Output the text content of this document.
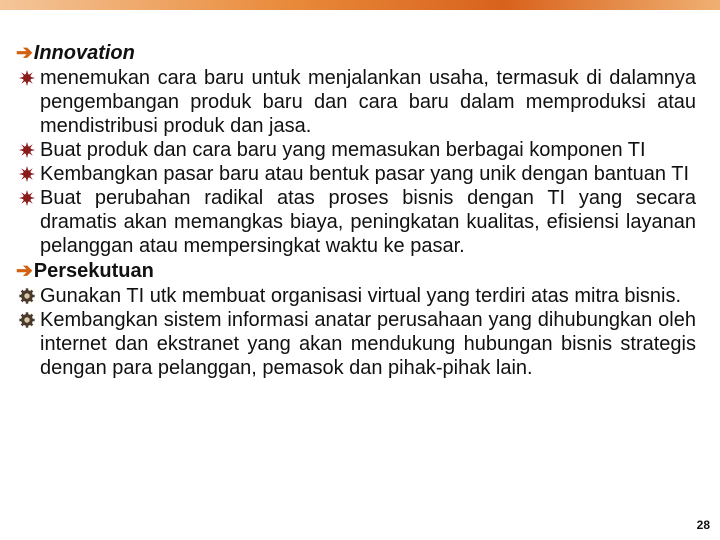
➔Innovation
menemukan cara baru untuk menjalankan usaha, termasuk di dalamnya pengembangan produk baru dan cara baru dalam memproduksi atau mendistribusi produk dan jasa.
Buat produk dan cara baru yang memasukan berbagai komponen TI
Kembangkan pasar baru atau bentuk pasar yang unik dengan bantuan TI
Buat perubahan radikal atas proses bisnis dengan TI yang secara dramatis akan memangkas biaya, peningkatan kualitas, efisiensi layanan pelanggan atau mempersingkat waktu ke pasar.
➔Persekutuan
Gunakan TI utk membuat organisasi virtual yang terdiri atas mitra bisnis.
Kembangkan sistem informasi anatar perusahaan yang dihubungkan oleh internet dan ekstranet yang akan mendukung hubungan bisnis strategis dengan para pelanggan, pemasok dan pihak-pihak lain.
28
